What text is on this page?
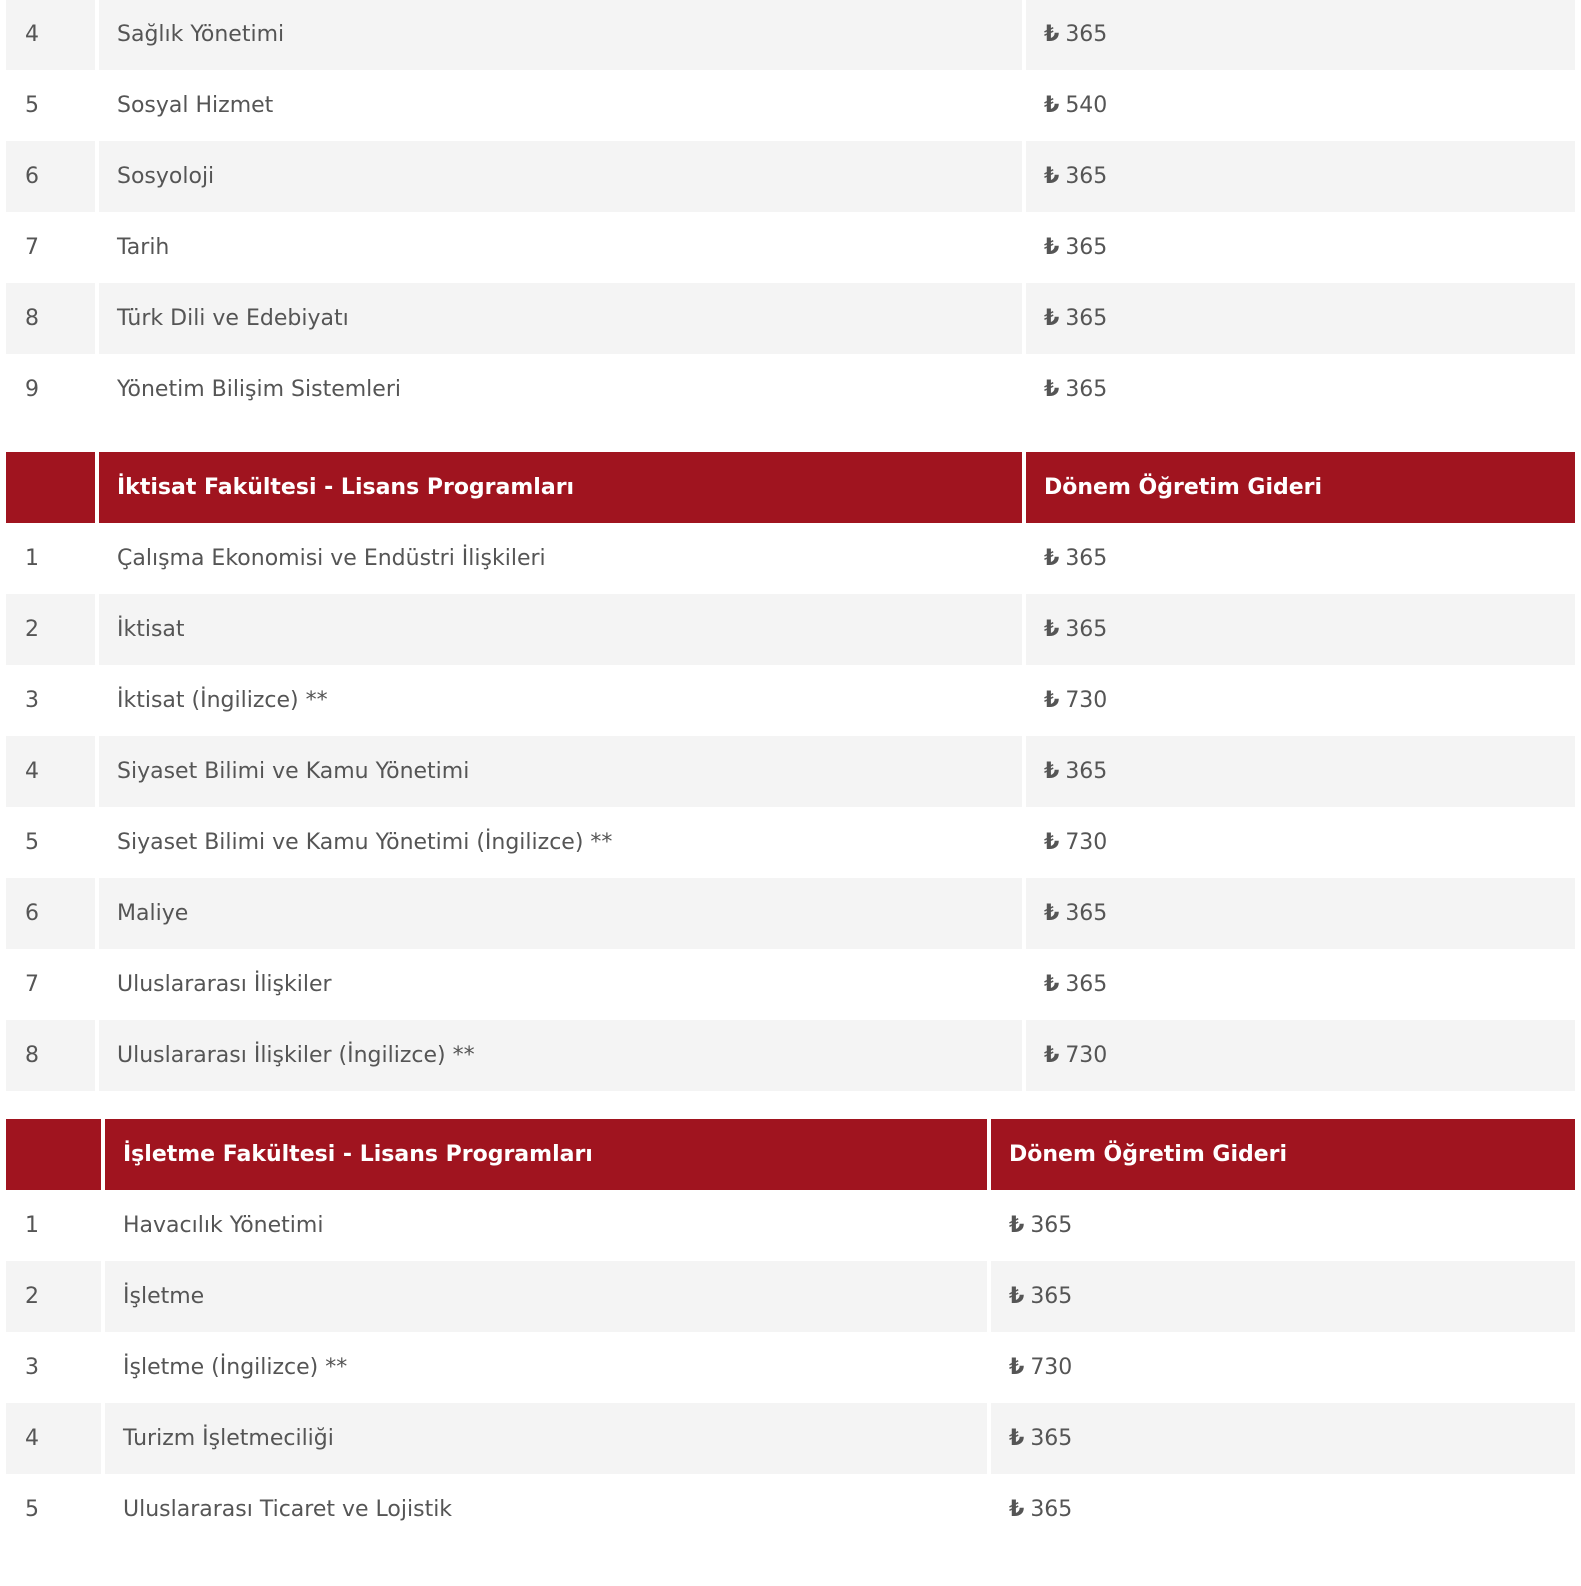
4	Sağlık Yönetimi	₺ 365
5	Sosyal Hizmet	₺ 540
6	Sosyoloji	₺ 365
7	Tarih	₺ 365
8	Türk Dili ve Edebiyatı	₺ 365
9	Yönetim Bilişim Sistemleri	₺ 365
İktisat Fakültesi - Lisans Programları	Dönem Öğretim Gideri
1	Çalışma Ekonomisi ve Endüstri İlişkileri	₺ 365
2	İktisat	₺ 365
3	İktisat (İngilizce) **	₺ 730
4	Siyaset Bilimi ve Kamu Yönetimi	₺ 365
5	Siyaset Bilimi ve Kamu Yönetimi (İngilizce) **	₺ 730
6	Maliye	₺ 365
7	Uluslararası İlişkiler	₺ 365
8	Uluslararası İlişkiler (İngilizce) **	₺ 730
İşletme Fakültesi - Lisans Programları	Dönem Öğretim Gideri
1	Havacılık Yönetimi	₺ 365
2	İşletme	₺ 365
3	İşletme (İngilizce) **	₺ 730
4	Turizm İşletmeciliği	₺ 365
5	Uluslararası Ticaret ve Lojistik	₺ 365
